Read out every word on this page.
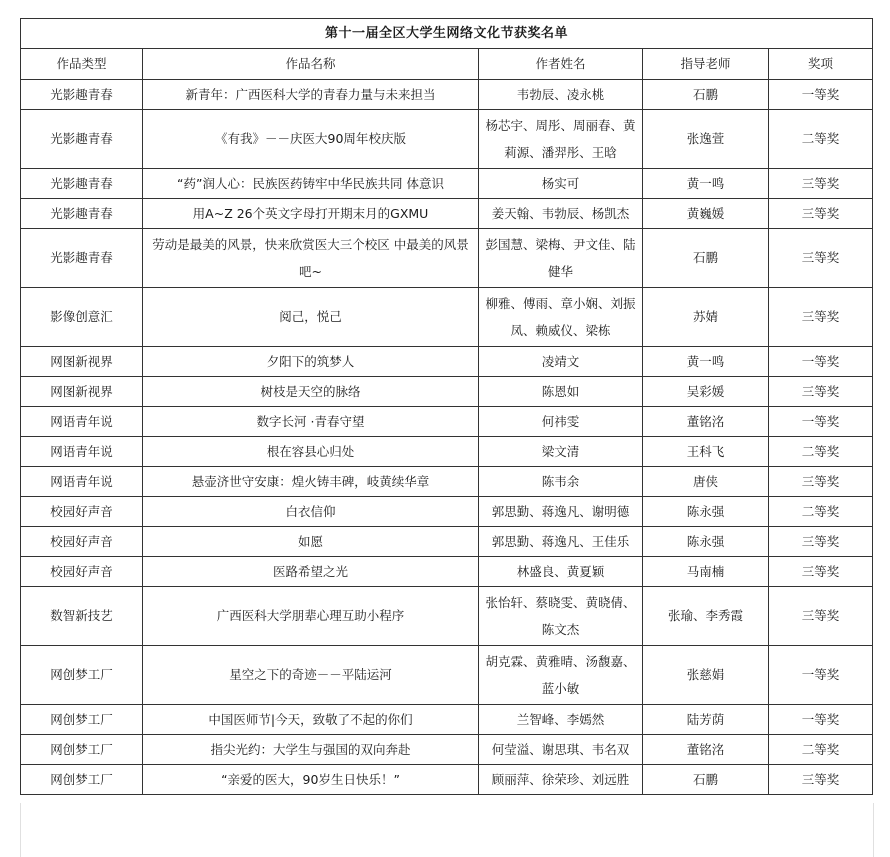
第十一届全区大学生网络文化节获奖名单				
作品类型	作品名称	作者姓名	指导老师	奖项
光影趣青春	新青年：广西医科大学的青春力量与未来担当	韦勃辰、凌永桃	石鹏	一等奖
光影趣青春	《有我》－－庆医大90周年校庆版	杨芯宇、周彤、周丽春、黄莉源、潘羿彤、王晗	张逸萱	二等奖
光影趣青春	“药”润人心：民族医药铸牢中华民族共同 体意识	杨实可	黄一鸣	三等奖
光影趣青春	用A~Z 26个英文字母打开期末月的GXMU	姜天翰、韦勃辰、杨凯杰	黄巍媛	三等奖
光影趣青春	劳动是最美的风景，快来欣赏医大三个校区 中最美的风景吧~	彭国慧、梁梅、尹文佳、陆健华	石鹏	三等奖
影像创意汇	阅己，悦己	柳雅、傅雨、章小娴、刘振凤、赖威仪、梁栋	苏婧	三等奖
网图新视界	夕阳下的筑梦人	凌靖文	黄一鸣	一等奖
网图新视界	树枝是天空的脉络	陈恩如	吴彩媛	三等奖
网语青年说	数字长河 ·青春守望	何祎雯	董铭洺	一等奖
网语青年说	根在容县心归处	梁文清	王科飞	二等奖
网语青年说	悬壶济世守安康：煌火铸丰碑，岐黄续华章	陈韦余	唐侠	三等奖
校园好声音	白衣信仰	郭思勤、蒋逸凡、谢明德	陈永强	二等奖
校园好声音	如愿	郭思勤、蒋逸凡、王佳乐	陈永强	三等奖
校园好声音	医路希望之光	林盛良、黄夏颖	马南楠	三等奖
数智新技艺	广西医科大学朋辈心理互助小程序	张怡轩、蔡晓雯、黄晓倩、 陈文杰	张瑜、李秀霞	三等奖
网创梦工厂	星空之下的奇迹－－平陆运河	胡克霖、黄雅晴、汤馥嘉、 蓝小敏	张慈娟	一等奖
网创梦工厂	中国医师节|今天，致敬了不起的你们	兰智峰、李嫣然	陆芳荫	一等奖
网创梦工厂	指尖光约：大学生与强国的双向奔赴	何莹溢、谢思琪、韦名双	董铭洺	二等奖
网创梦工厂	“亲爱的医大，90岁生日快乐！”	顾丽萍、徐荣珍、刘远胜	石鹏	三等奖
